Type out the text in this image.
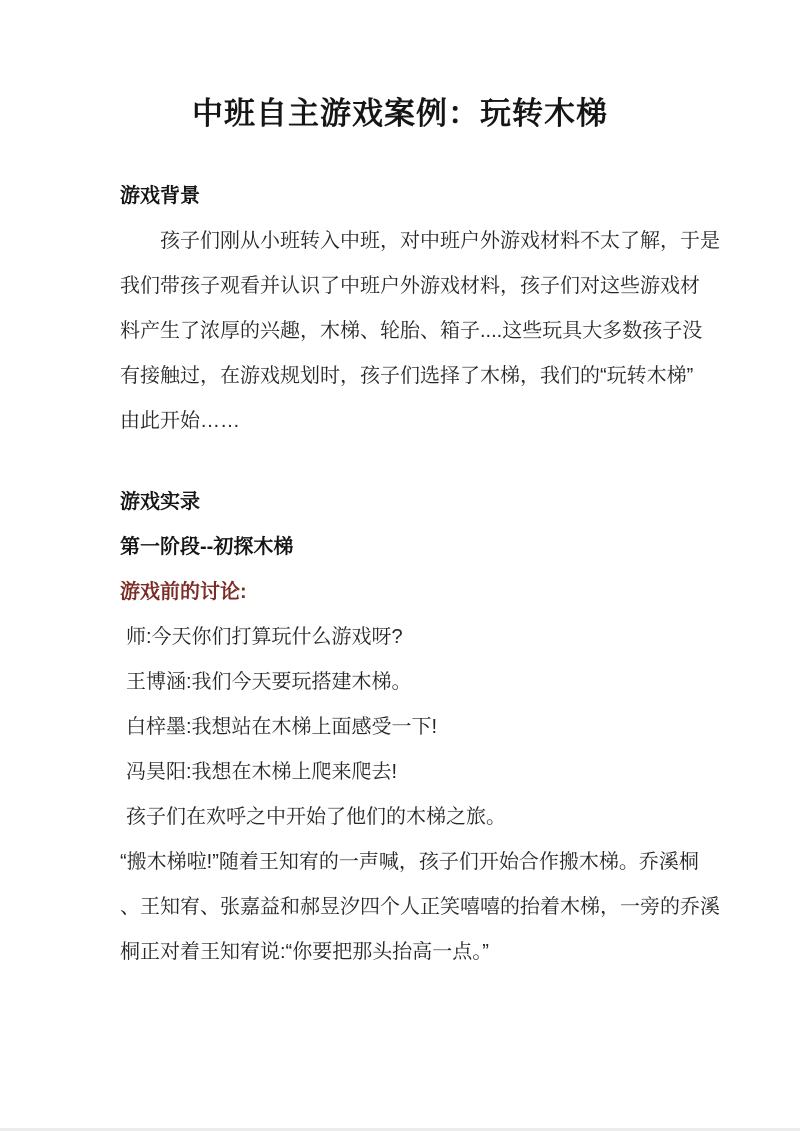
中班自主游戏案例：玩转木梯
游戏背景
孩子们刚从小班转入中班，对中班户外游戏材料不太了解，于是
我们带孩子观看并认识了中班户外游戏材料，孩子们对这些游戏材
料产生了浓厚的兴趣，木梯、轮胎、箱子....这些玩具大多数孩子没
有接触过，在游戏规划时，孩子们选择了木梯，我们的“玩转木梯”
由此开始……
游戏实录
第一阶段--初探木梯
游戏前的讨论:
师:今天你们打算玩什么游戏呀?
王博涵:我们今天要玩搭建木梯。
白梓墨:我想站在木梯上面感受一下!
冯昊阳:我想在木梯上爬来爬去!
孩子们在欢呼之中开始了他们的木梯之旅。
“搬木梯啦!”随着王知宥的一声喊，孩子们开始合作搬木梯。乔溪桐
、王知宥、张嘉益和郝昱汐四个人正笑嘻嘻的抬着木梯，一旁的乔溪
桐正对着王知宥说:“你要把那头抬高一点。”
